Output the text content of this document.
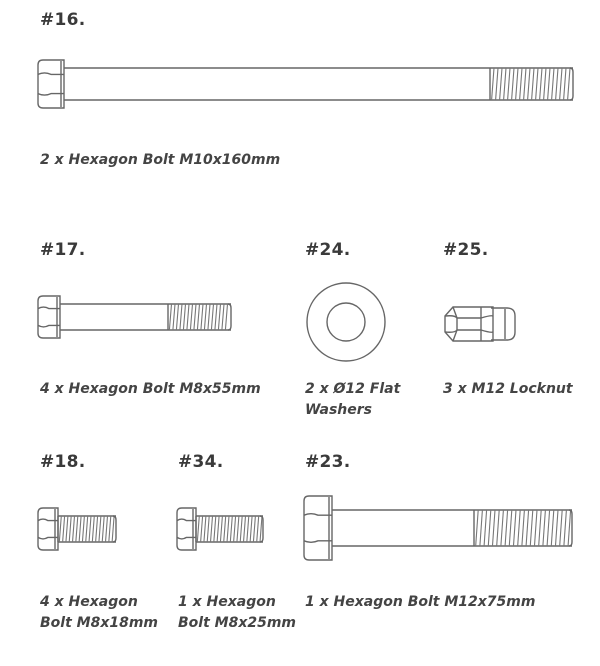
#16.
2 x Hexagon Bolt M10x160mm
#17.
4 x Hexagon Bolt M8x55mm
#24.
2 x Ø12 Flat
Washers
#25.
3 x M12 Locknut
#18.
4 x Hexagon
Bolt M8x18mm
#34.
1 x Hexagon
Bolt M8x25mm
#23.
1 x Hexagon Bolt M12x75mm
